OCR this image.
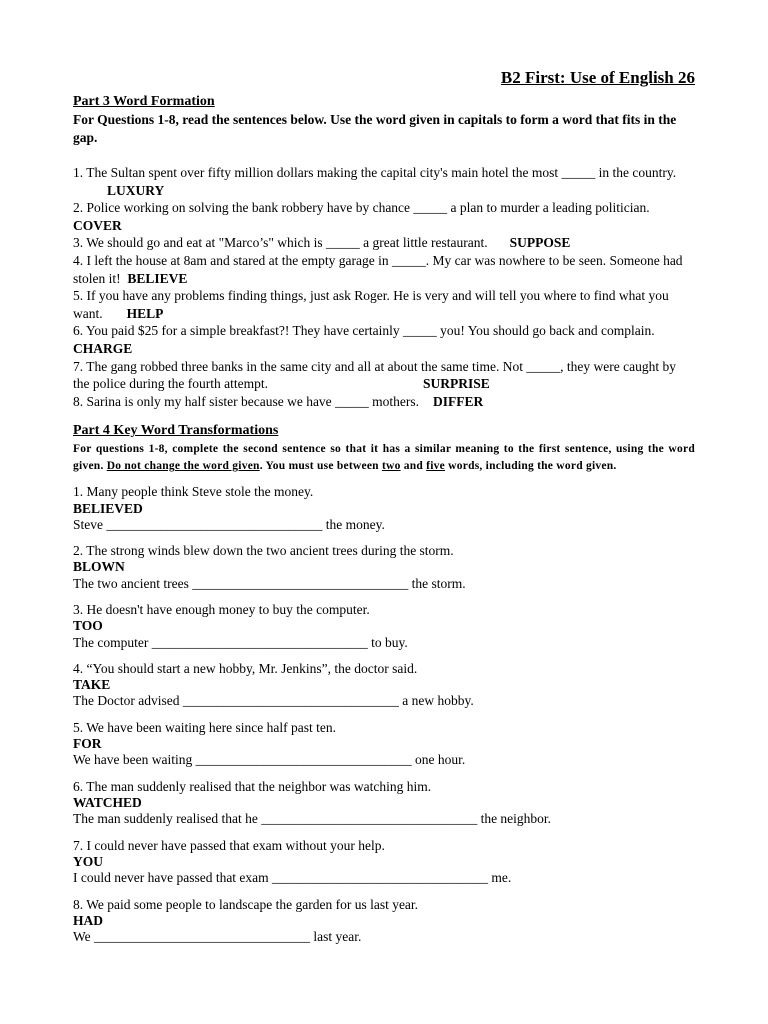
B2 First: Use of English 26
Part 3 Word Formation
For Questions 1-8, read the sentences below. Use the word given in capitals to form a word that fits in the gap.
1. The Sultan spent over fifty million dollars making the capital city's main hotel the most _____ in the country.LUXURY
2. Police working on solving the bank robbery have by chance _____ a plan to murder a leading politician.
COVER
3. We should go and eat at "Marco’s" which is _____ a great little restaurant. SUPPOSE
4. I left the house at 8am and stared at the empty garage in _____. My car was nowhere to be seen. Someone had stolen it! BELIEVE
5. If you have any problems finding things, just ask Roger. He is very and will tell you where to find what you want. HELP
6. You paid $25 for a simple breakfast?! They have certainly _____ you! You should go back and complain.
CHARGE
7. The gang robbed three banks in the same city and all at about the same time. Not _____, they were caught by the police during the fourth attempt.	SURPRISE
8. Sarina is only my half sister because we have _____ mothers. DIFFER
Part 4 Key Word Transformations
For questions 1-8, complete the second sentence so that it has a similar meaning to the first sentence, using the word given. Do not change the word given. You must use between two and five words, including the word given.
1. Many people think Steve stole the money.
BELIEVED
Steve ________________________________ the money.
2. The strong winds blew down the two ancient trees during the storm.
BLOWN
The two ancient trees ________________________________ the storm.
3. He doesn't have enough money to buy the computer.
TOO
The computer ________________________________ to buy.
4. “You should start a new hobby, Mr. Jenkins”, the doctor said.
TAKE
The Doctor advised ________________________________ a new hobby.
5. We have been waiting here since half past ten.
FOR
We have been waiting ________________________________ one hour.
6. The man suddenly realised that the neighbor was watching him.
WATCHED
The man suddenly realised that he ________________________________ the neighbor.
7. I could never have passed that exam without your help.
YOU
I could never have passed that exam ________________________________ me.
8. We paid some people to landscape the garden for us last year.
HAD
We ________________________________ last year.
